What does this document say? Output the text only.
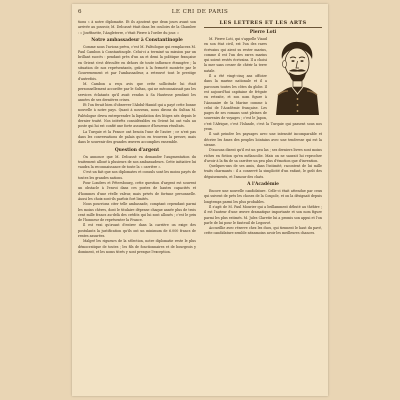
6	LE CRI DE PARIS

tions « à notre diplomatie. Et ils ajoutent que deux jours avant son arrivée au pouvoir, M. Delcassé était dans les couloirs de la Chambre : « Joséfinette, l'Angleterre, c'était Pierre à l'ordre du jour. »

Notre ambassadeur à Constantinople

Comme nous l'avions prévu, c'est M. Paléologue qui remplacera M. Paul Cambon à Constantinople. Celui-ci a terminé sa mission par un brillant succès : pendant près d'un an et demi la politique française en Orient s'est déroulée en dehors de toute influence étrangère ; la situation de nos représentants, grâce à la fermeté montrée par le Gouvernement et par l'ambassadeur, a retrouvé tout le prestige d'autrefois.

M. Cambon a reçu avis que cette sollicitude lui était personnellement accordée par le Sultan, qui ne méconnaissait pas les services éclatants qu'il avait rendus à Sa Hautesse pendant les années de ses dernières crises.

Et l'on ferait bien d'observer l'Abdul-Hamid qui a payé cette bonne nouvelle à notre pays. Quant à nouveau, nous dirons du Sultan M. Paléologue devra entreprendre la liquidation des litiges nés depuis le dernier traité. Nos intérêts considérables en Orient lui ont valu au poste qui lui est confié une forte assurance d'heureux résultats.

La Turquie et la France ont besoin l'une de l'autre ; ce n'est pas dans les conversations de palais qu'on en trouvera la preuve, mais dans le souvenir des grandes œuvres accomplies ensemble.

Question d'argent

On annonce que M. Delcassé va demander l'augmentation du traitement alloué à plusieurs de nos ambassadeurs. Cette initiative lui vaudra la reconnaissance de toute la « carrière ».

C'est un fait que nos diplomates et consuls sont les moins payés de toutes les grandes nations.

Pour Londres et Pétersbourg, cette question d'argent est souvent un obstacle à l'envoi dans ces postes de hautes capacités et d'hommes d'une réelle valeur, mais privés de fortune personnelle. Aussi les choix sont-ils parfois fort limités.

Nous pourrions citer telle ambassade, comptant cependant parmi les moins chères, dont le titulaire dépense chaque année plus de trois cent mille francs au-delà des crédits qui lui sont alloués ; c'est le prix de l'honneur de représenter la France.

Il est vrai qu'avant d'entrer dans la carrière on exige des postulants la justification qu'ils ont un minimum de 6.000 francs de rentes assurées.

Malgré les rigueurs de la sélection, notre diplomatie reste le plus démocratique de toutes ; les fils de fonctionnaires et de bourgeois y dominent, et les noms titrés y sont presque l'exception.

LES LETTRES ET LES ARTS
Pierre Loti

M. Pierre Loti, qui s'appelle Viaud en son état civil, est l'un des rares écrivains qui aient su rester marins, comme il est l'un des rares marins qui soient restés écrivains. Il a choisi la mer sans cesser de chérir la terre natale.

Il a été vingt-cinq ans officier dans la marine nationale et il a parcouru toutes les côtes du globe. Il est aujourd'hui capitaine de frégate en retraite, et son nom figure à l'Annuaire de la Marine comme à celui de l'Académie française. Les pages de ses romans sont pleines de souvenirs de voyages ; c'est le Japon, c'est l'Afrique, c'est l'Islande, c'est la Turquie qui passent sous nos yeux.

Il sait peindre les paysages avec une intensité incomparable et décrire les âmes des peuples lointains avec une tendresse qui est la sienne.

D'aucuns disent qu'il est un peu las ; ses derniers livres sont moins riches en fiction qu'en mélancolie. Mais on ne saurait lui reprocher d'avoir à la fin de sa carrière un peu plus d'émotion que d'invention.

Quelques-uns de ses amis, dans l'intimité, racontent de lui mille traits charmants : il a conservé la simplicité d'un enfant, le goût des déguisements, et l'amour des chats.

A l'Académie

Encore une nouvelle candidature. Celle-ci était attendue par ceux qui suivent de près les choses de la Coupole, et on la désignait depuis longtemps parmi les plus probables.

Il s'agit de M. Paul Mourier qui a brillamment débuté au théâtre ; il est l'auteur d'une œuvre dramatique importante et son nom figure parmi les plus estimés. M. Jules Claretie lui a promis son appui et l'on parle de lui pour le fauteuil de Legouvé.

Accueillie avec réserve chez les ducs, qui tiennent le haut du pavé, cette candidature semble néanmoins avoir les meilleures chances.
